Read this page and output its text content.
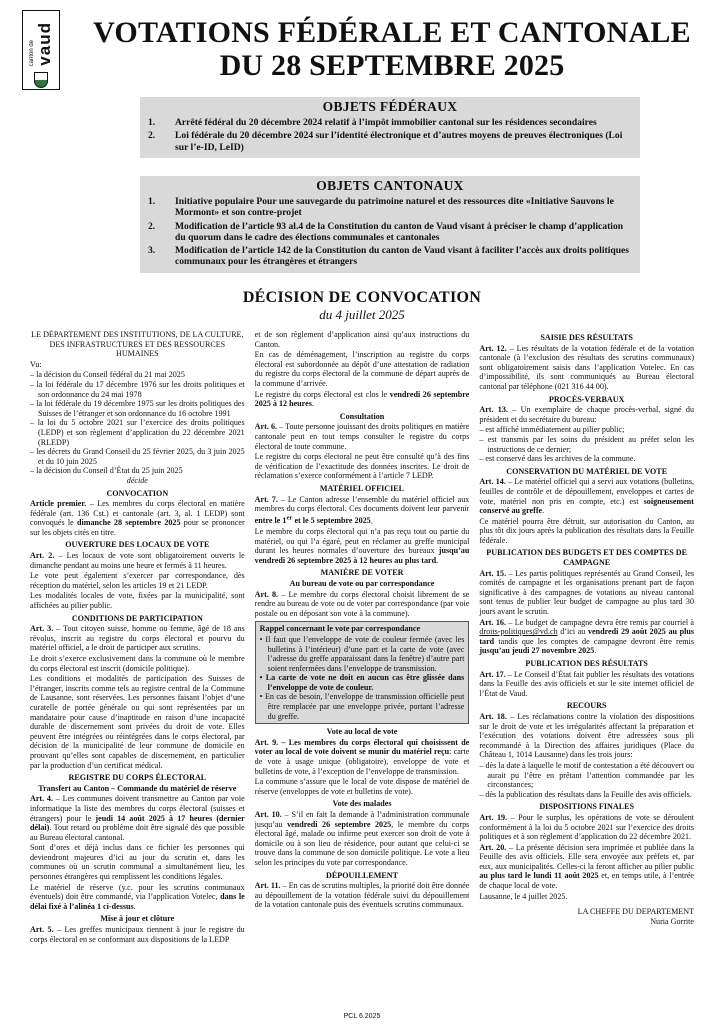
canton de vaud	VOTATIONS FÉDÉRALE ET CANTONALE
DU 28 SEPTEMBRE 2025
OBJETS FÉDÉRAUX
1.	Arrêté fédéral du 20 décembre 2024 relatif à l’impôt immobilier cantonal sur les résidences secondaires
2.	Loi fédérale du 20 décembre 2024 sur l’identité électronique et d’autres moyens de preuves électroniques (Loi sur l’e-ID, LeID)
OBJETS CANTONAUX
1.	Initiative populaire Pour une sauvegarde du patrimoine naturel et des ressources dite «Initiative Sauvons le Mormont» et son contre-projet
2.	Modification de l’article 93 al.4 de la Constitution du canton de Vaud visant à préciser le champ d’application du quorum dans le cadre des élections communales et cantonales
3.	Modification de l’article 142 de la Constitution du canton de Vaud visant à faciliter l’accès aux droits politiques communaux pour les étrangères et étrangers
DÉCISION DE CONVOCATION
du 4 juillet 2025

LE DÉPARTEMENT DES INSTITUTIONS, DE LA CULTURE, DES INFRASTRUCTURES ET DES RESSOURCES HUMAINES

Vu:

– la décision du Conseil fédéral du 21 mai 2025
– la loi fédérale du 17 décembre 1976 sur les droits politiques et son ordonnance du 24 mai 1978
– la loi fédérale du 19 décembre 1975 sur les droits politiques des Suisses de l’étranger et son ordonnance du 16 octobre 1991
– la loi du 5 octobre 2021 sur l’exercice des droits politiques (LEDP) et son règlement d’application du 22 décembre 2021 (RLEDP)
– les décrets du Grand Conseil du 25 février 2025, du 3 juin 2025 et du 10 juin 2025
– la décision du Conseil d’État du 25 juin 2025

décide

CONVOCATION

Article premier. – Les membres du corps électoral en matière fédérale (art. 136 Cst.) et cantonale (art. 3, al. 1 LEDP) sont convoqués le dimanche 28 septembre 2025 pour se prononcer sur les objets cités en titre.

OUVERTURE DES LOCAUX DE VOTE

Art. 2. – Les locaux de vote sont obligatoirement ouverts le dimanche pendant au moins une heure et fermés à 11 heures.

Le vote peut également s’exercer par correspondance, dès réception du matériel, selon les articles 19 et 21 LEDP.

Les modalités locales de vote, fixées par la municipalité, sont affichées au pilier public.

CONDITIONS DE PARTICIPATION

Art. 3. – Tout citoyen suisse, homme ou femme, âgé de 18 ans révolus, inscrit au registre du corps électoral et pourvu du matériel officiel, a le droit de participer aux scrutins.

Le droit s’exerce exclusivement dans la commune où le membre du corps électoral est inscrit (domicile politique).

Les conditions et modalités de participation des Suisses de l’étranger, inscrits comme tels au registre central de la Commune de Lausanne, sont réservées. Les personnes faisant l’objet d’une curatelle de portée générale ou qui sont représentées par un mandataire pour cause d’inaptitude en raison d’une incapacité durable de discernement sont privées du droit de vote. Elles peuvent être intégrées ou réintégrées dans le corps électoral, par décision de la municipalité de leur commune de domicile en prouvant qu’elles sont capables de discernement, en particulier par la production d’un certificat médical.

REGISTRE DU CORPS ÉLECTORAL
Transfert au Canton – Commande du matériel de réserve

Art. 4. – Les communes doivent transmettre au Canton par voie informatique la liste des membres du corps électoral (suisses et étrangers) pour le jeudi 14 août 2025 à 17 heures (dernier délai). Tout retard ou problème doit être signalé dès que possible au Bureau électoral cantonal.

Sont d’ores et déjà inclus dans ce fichier les personnes qui deviendront majeures d’ici au jour du scrutin et, dans les communes où un scrutin communal a simultanément lieu, les personnes étrangères qui remplissent les conditions légales.

Le matériel de réserve (y.c. pour les scrutins communaux éventuels) doit être commandé, via l’application Votelec, dans le délai fixé à l’alinéa 1 ci-dessus.

Mise à jour et clôture

Art. 5. – Les greffes municipaux tiennent à jour le registre du corps électoral en se conformant aux dispositions de la LEDP

et de son règlement d’application ainsi qu’aux instructions du Canton.

En cas de déménagement, l’inscription au registre du corps électoral est subordonnée au dépôt d’une attestation de radiation du registre du corps électoral de la commune de départ auprès de la commune d’arrivée.

Le registre du corps électoral est clos le vendredi 26 septembre 2025 à 12 heures.

Consultation

Art. 6. – Toute personne jouissant des droits politiques en matière cantonale peut en tout temps consulter le registre du corps électoral de toute commune.

Le registre du corps électoral ne peut être consulté qu’à des fins de vérification de l’exactitude des données inscrites. Le droit de réclamation s’exerce conformément à l’article 7 LEDP.

MATÉRIEL OFFICIEL

Art. 7. – Le Canton adresse l’ensemble du matériel officiel aux membres du corps électoral. Ces documents doivent leur parvenir entre le 1er et le 5 septembre 2025.

Le membre du corps électoral qui n’a pas reçu tout ou partie du matériel, ou qui l’a égaré, peut en réclamer au greffe municipal durant les heures normales d’ouverture des bureaux jusqu’au vendredi 26 septembre 2025 à 12 heures au plus tard.

MANIÈRE DE VOTER
Au bureau de vote ou par correspondance

Art. 8. – Le membre du corps électoral choisit librement de se rendre au bureau de vote ou de voter par correspondance (par voie postale ou en déposant son vote à la commune).

Rappel concernant le vote par correspondance

• Il faut que l’enveloppe de vote de couleur fermée (avec les bulletins à l’intérieur) d’une part et la carte de vote (avec l’adresse du greffe apparaissant dans la fenêtre) d’autre part soient renfermées dans l’enveloppe de transmission.
• La carte de vote ne doit en aucun cas être glissée dans l’enveloppe de vote de couleur.
• En cas de besoin, l’enveloppe de transmission officielle peut être remplacée par une enveloppe privée, portant l’adresse du greffe.
Vote au local de vote

Art. 9. – Les membres du corps électoral qui choisissent de voter au local de vote doivent se munir du matériel reçu: carte de vote à usage unique (obligatoire), enveloppe de vote et bulletins de vote, à l’exception de l’enveloppe de transmission.

La commune s’assure que le local de vote dispose de matériel de réserve (enveloppes de vote et bulletins de vote).

Vote des malades

Art. 10. – S’il en fait la demande à l’administration communale jusqu’au vendredi 26 septembre 2025, le membre du corps électoral âgé, malade ou infirme peut exercer son droit de vote à domicile ou à son lieu de résidence, pour autant que celui-ci se trouve dans la commune de son domicile politique. Le vote a lieu selon les principes du vote par correspondance.

DÉPOUILLEMENT

Art. 11. – En cas de scrutins multiples, la priorité doit être donnée au dépouillement de la votation fédérale suivi du dépouillement de la votation cantonale puis des éventuels scrutins communaux.

SAISIE DES RÉSULTATS

Art. 12. – Les résultats de la votation fédérale et de la votation cantonale (à l’exclusion des résultats des scrutins communaux) sont obligatoirement saisis dans l’application Votelec. En cas d’impossibilité, ils sont communiqués au Bureau électoral cantonal par téléphone (021 316 44 00).

PROCÈS-VERBAUX

Art. 13. – Un exemplaire de chaque procès-verbal, signé du président et du secrétaire du bureau:

– est affiché immédiatement au pilier public;
– est transmis par les soins du président au préfet selon les instructions de ce dernier;
– est conservé dans les archives de la commune.
CONSERVATION DU MATÉRIEL DE VOTE

Art. 14. – Le matériel officiel qui a servi aux votations (bulletins, feuilles de contrôle et de dépouillement, enveloppes et cartes de vote, matériel non pris en compte, etc.) est soigneusement conservé au greffe.

Ce matériel pourra être détruit, sur autorisation du Canton, au plus tôt dix jours après la publication des résultats dans la Feuille fédérale.

PUBLICATION DES BUDGETS ET DES COMPTES DE CAMPAGNE

Art. 15. – Les partis politiques représentés au Grand Conseil, les comités de campagne et les organisations prenant part de façon significative à des campagnes de votations au niveau cantonal sont tenus de publier leur budget de campagne au plus tard 30 jours avant le scrutin.

Art. 16. – Le budget de campagne devra être remis par courriel à droits-politiques@vd.ch d’ici au vendredi 29 août 2025 au plus tard tandis que les comptes de campagne devront être remis jusqu’au jeudi 27 novembre 2025.

PUBLICATION DES RÉSULTATS

Art. 17. – Le Conseil d’État fait publier les résultats des votations dans la Feuille des avis officiels et sur le site internet officiel de l’État de Vaud.

RECOURS

Art. 18. – Les réclamations contre la violation des dispositions sur le droit de vote et les irrégularités affectant la préparation et l’exécution des votations doivent être adressées sous pli recommandé à la Direction des affaires juridiques (Place du Château 1, 1014 Lausanne) dans les trois jours:

– dès la date à laquelle le motif de contestation a été découvert ou aurait pu l’être en prêtant l’attention commandée par les circonstances;
– dès la publication des résultats dans la Feuille des avis officiels.
DISPOSITIONS FINALES

Art. 19. – Pour le surplus, les opérations de vote se déroulent conformément à la loi du 5 octobre 2021 sur l’exercice des droits politiques et à son règlement d’application du 22 décembre 2021.

Art. 20. – La présente décision sera imprimée et publiée dans la Feuille des avis officiels. Elle sera envoyée aux préfets et, par eux, aux municipalités. Celles-ci la feront afficher au pilier public au plus tard le lundi 11 août 2025 et, en temps utile, à l’entrée de chaque local de vote.

Lausanne, le 4 juillet 2025.

LA CHEFFE DU DEPARTEMENT
Nuria Gorrite

PCL 6.2025
